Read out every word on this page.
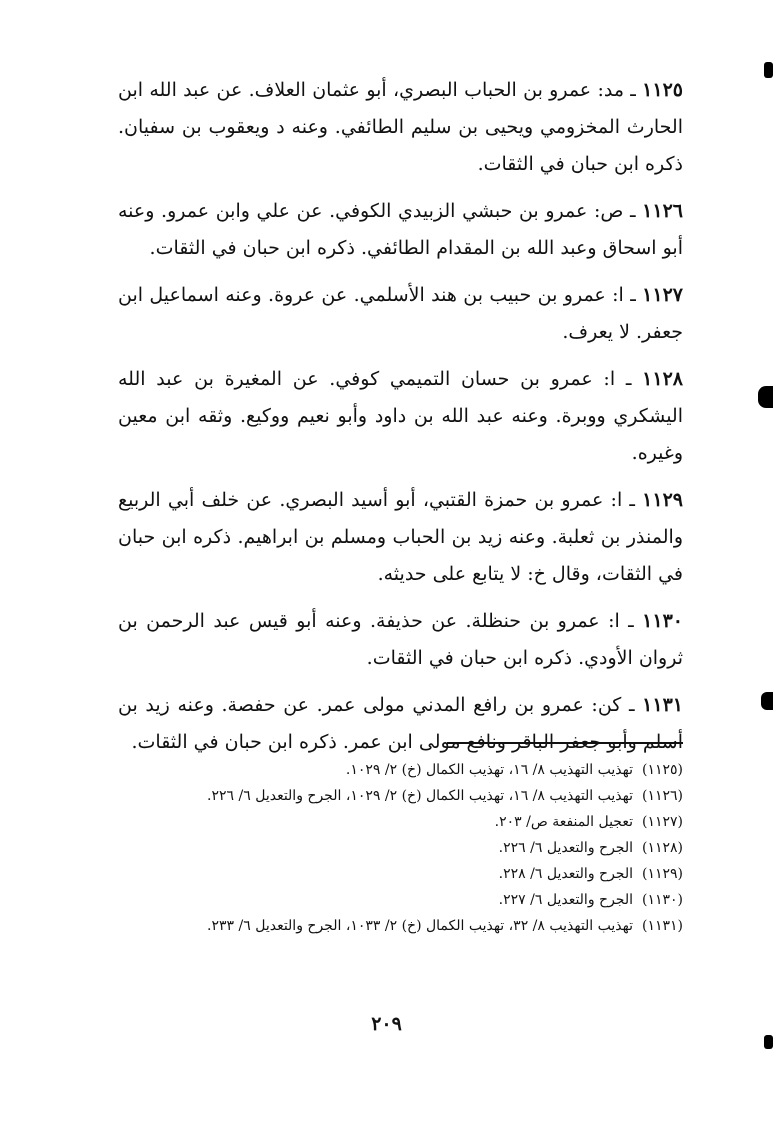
١١٢٥ ـ مد: عمرو بن الحباب البصري، أبو عثمان العلاف. عن عبد الله ابن الحارث المخزومي ويحيى بن سليم الطائفي. وعنه د ويعقوب بن سفيان. ذكره ابن حبان في الثقات.

١١٢٦ ـ ص: عمرو بن حبشي الزبيدي الكوفي. عن علي وابن عمرو. وعنه أبو اسحاق وعبد الله بن المقدام الطائفي. ذكره ابن حبان في الثقات.

١١٢٧ ـ ا: عمرو بن حبيب بن هند الأسلمي. عن عروة. وعنه اسماعيل ابن جعفر. لا يعرف.

١١٢٨ ـ ا: عمرو بن حسان التميمي كوفي. عن المغيرة بن عبد الله اليشكري ووبرة. وعنه عبد الله بن داود وأبو نعيم ووكيع. وثقه ابن معين وغيره.

١١٢٩ ـ ا: عمرو بن حمزة القتبي، أبو أسيد البصري. عن خلف أبي الربيع والمنذر بن ثعلبة. وعنه زيد بن الحباب ومسلم بن ابراهيم. ذكره ابن حبان في الثقات، وقال خ: لا يتابع على حديثه.

١١٣٠ ـ ا: عمرو بن حنظلة. عن حذيفة. وعنه أبو قيس عبد الرحمن بن ثروان الأودي. ذكره ابن حبان في الثقات.

١١٣١ ـ كن: عمرو بن رافع المدني مولى عمر. عن حفصة. وعنه زيد بن أسلم وأبو جعفر الباقر ونافع مولى ابن عمر. ذكره ابن حبان في الثقات.

(١١٢٥)
تهذيب التهذيب ٨/ ١٦، تهذيب الكمال (خ) ٢/ ١٠٢٩.
(١١٢٦)
تهذيب التهذيب ٨/ ١٦، تهذيب الكمال (خ) ٢/ ١٠٢٩، الجرح والتعديل ٦/ ٢٢٦.
(١١٢٧)
تعجيل المنفعة ص/ ٢٠٣.
(١١٢٨)
الجرح والتعديل ٦/ ٢٢٦.
(١١٢٩)
الجرح والتعديل ٦/ ٢٢٨.
(١١٣٠)
الجرح والتعديل ٦/ ٢٢٧.
(١١٣١)
تهذيب التهذيب ٨/ ٣٢، تهذيب الكمال (خ) ٢/ ١٠٣٣، الجرح والتعديل ٦/ ٢٣٣.
٢٠٩
